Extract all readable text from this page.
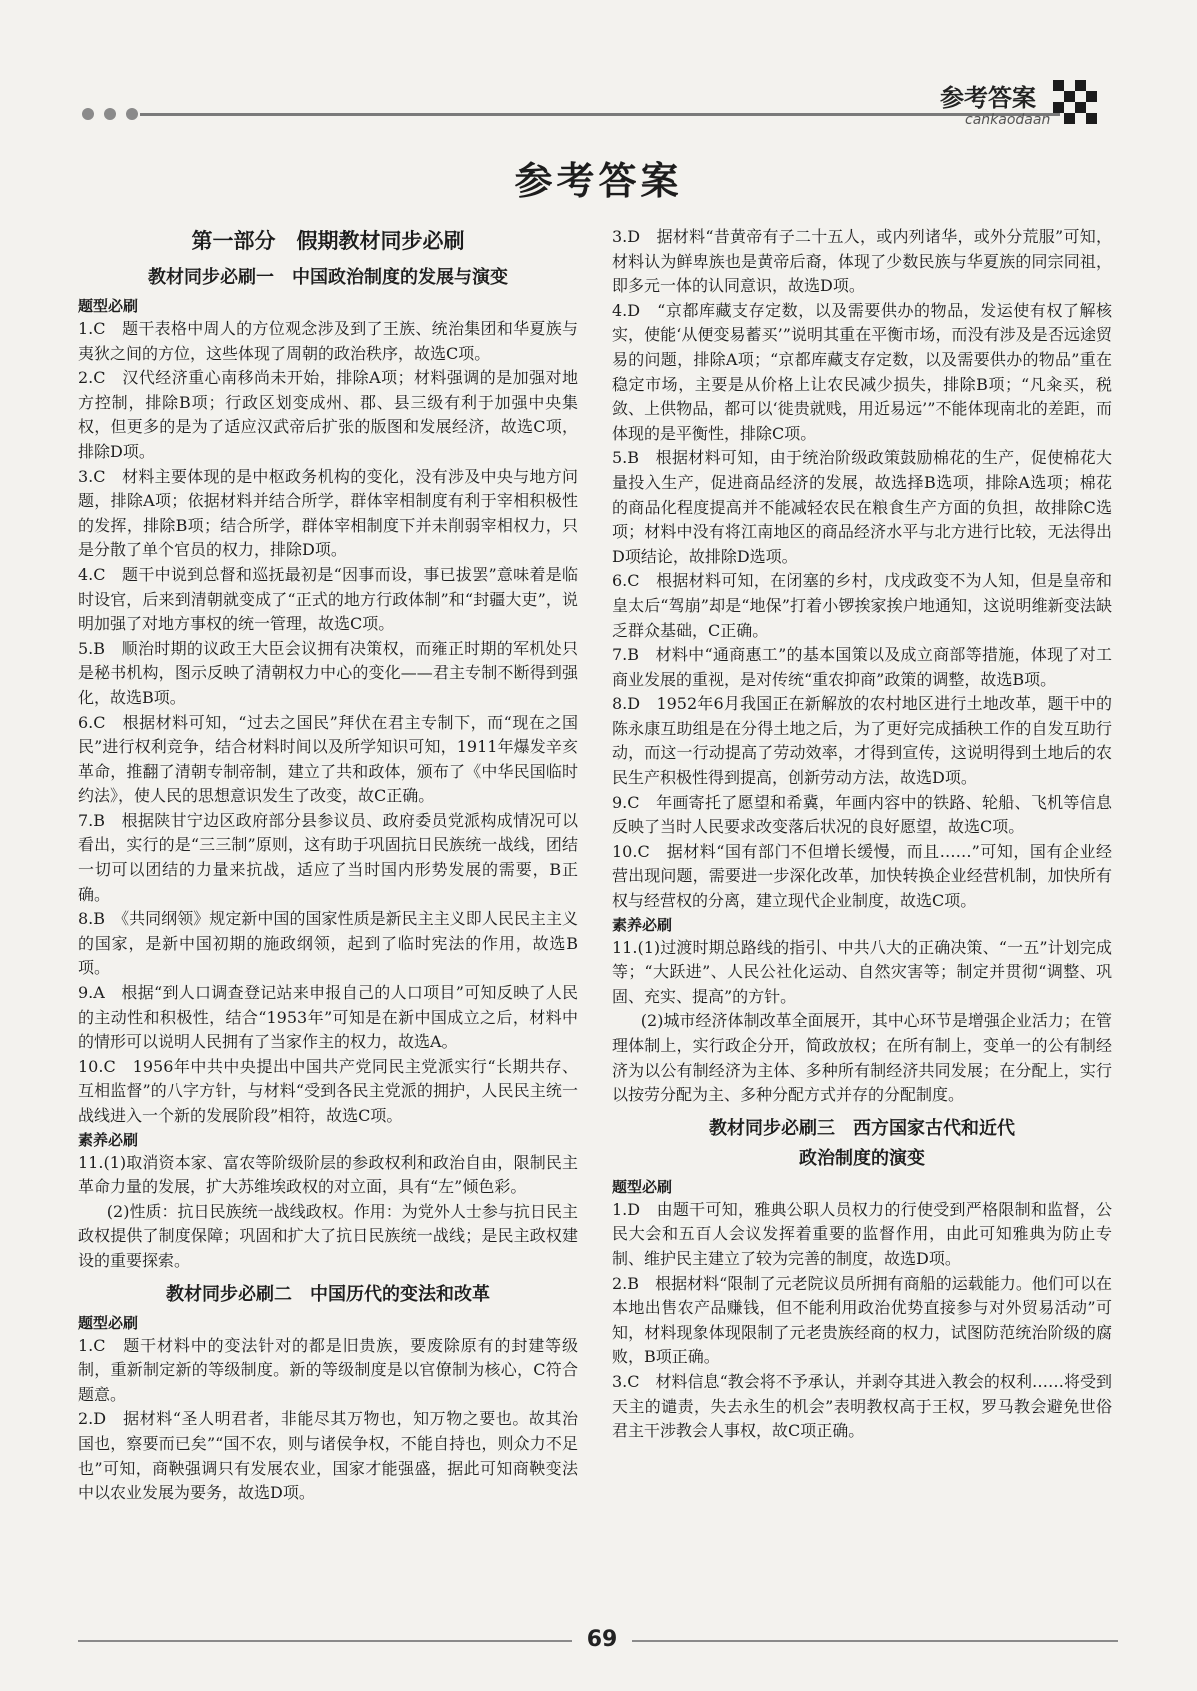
参考答案
cankaodaan
参考答案
第一部分　假期教材同步必刷
教材同步必刷一　中国政治制度的发展与演变
题型必刷

1.C　题干表格中周人的方位观念涉及到了王族、统治集团和华夏族与夷狄之间的方位，这些体现了周朝的政治秩序，故选C项。

2.C　汉代经济重心南移尚未开始，排除A项；材料强调的是加强对地方控制，排除B项；行政区划变成州、郡、县三级有利于加强中央集权，但更多的是为了适应汉武帝后扩张的版图和发展经济，故选C项，排除D项。

3.C　材料主要体现的是中枢政务机构的变化，没有涉及中央与地方问题，排除A项；依据材料并结合所学，群体宰相制度有利于宰相积极性的发挥，排除B项；结合所学，群体宰相制度下并未削弱宰相权力，只是分散了单个官员的权力，排除D项。

4.C　题干中说到总督和巡抚最初是“因事而设，事已拔罢”意味着是临时设官，后来到清朝就变成了“正式的地方行政体制”和“封疆大吏”，说明加强了对地方事权的统一管理，故选C项。

5.B　顺治时期的议政王大臣会议拥有决策权，而雍正时期的军机处只是秘书机构，图示反映了清朝权力中心的变化——君主专制不断得到强化，故选B项。

6.C　根据材料可知，“过去之国民”拜伏在君主专制下，而“现在之国民”进行权利竞争，结合材料时间以及所学知识可知，1911年爆发辛亥革命，推翻了清朝专制帝制，建立了共和政体，颁布了《中华民国临时约法》，使人民的思想意识发生了改变，故C正确。

7.B　根据陕甘宁边区政府部分县参议员、政府委员党派构成情况可以看出，实行的是“三三制”原则，这有助于巩固抗日民族统一战线，团结一切可以团结的力量来抗战，适应了当时国内形势发展的需要，B正确。

8.B　《共同纲领》规定新中国的国家性质是新民主主义即人民民主主义的国家，是新中国初期的施政纲领，起到了临时宪法的作用，故选B项。

9.A　根据“到人口调查登记站来申报自己的人口项目”可知反映了人民的主动性和积极性，结合“1953年”可知是在新中国成立之后，材料中的情形可以说明人民拥有了当家作主的权力，故选A。

10.C　1956年中共中央提出中国共产党同民主党派实行“长期共存、互相监督”的八字方针，与材料“受到各民主党派的拥护，人民民主统一战线进入一个新的发展阶段”相符，故选C项。

素养必刷

11.(1)取消资本家、富农等阶级阶层的参政权利和政治自由，限制民主革命力量的发展，扩大苏维埃政权的对立面，具有“左”倾色彩。

(2)性质：抗日民族统一战线政权。作用：为党外人士参与抗日民主政权提供了制度保障；巩固和扩大了抗日民族统一战线；是民主政权建设的重要探索。

教材同步必刷二　中国历代的变法和改革
题型必刷

1.C　题干材料中的变法针对的都是旧贵族，要废除原有的封建等级制，重新制定新的等级制度。新的等级制度是以官僚制为核心，C符合题意。

2.D　据材料“圣人明君者，非能尽其万物也，知万物之要也。故其治国也，察要而已矣”“国不农，则与诸侯争权，不能自持也，则众力不足也”可知，商鞅强调只有发展农业，国家才能强盛，据此可知商鞅变法中以农业发展为要务，故选D项。

3.D　据材料“昔黄帝有子二十五人，或内列诸华，或外分荒服”可知，材料认为鲜卑族也是黄帝后裔，体现了少数民族与华夏族的同宗同祖，即多元一体的认同意识，故选D项。

4.D　“京都库藏支存定数，以及需要供办的物品，发运使有权了解核实，使能‘从便变易蓄买’”说明其重在平衡市场，而没有涉及是否远途贸易的问题，排除A项；“京都库藏支存定数，以及需要供办的物品”重在稳定市场，主要是从价格上让农民减少损失，排除B项；“凡籴买，税敛、上供物品，都可以‘徙贵就贱，用近易远’”不能体现南北的差距，而体现的是平衡性，排除C项。

5.B　根据材料可知，由于统治阶级政策鼓励棉花的生产，促使棉花大量投入生产，促进商品经济的发展，故选择B选项，排除A选项；棉花的商品化程度提高并不能减轻农民在粮食生产方面的负担，故排除C选项；材料中没有将江南地区的商品经济水平与北方进行比较，无法得出D项结论，故排除D选项。

6.C　根据材料可知，在闭塞的乡村，戊戌政变不为人知，但是皇帝和皇太后“驾崩”却是“地保”打着小锣挨家挨户地通知，这说明维新变法缺乏群众基础，C正确。

7.B　材料中“通商惠工”的基本国策以及成立商部等措施，体现了对工商业发展的重视，是对传统“重农抑商”政策的调整，故选B项。

8.D　1952年6月我国正在新解放的农村地区进行土地改革，题干中的陈永康互助组是在分得土地之后，为了更好完成插秧工作的自发互助行动，而这一行动提高了劳动效率，才得到宣传，这说明得到土地后的农民生产积极性得到提高，创新劳动方法，故选D项。

9.C　年画寄托了愿望和希冀，年画内容中的铁路、轮船、飞机等信息反映了当时人民要求改变落后状况的良好愿望，故选C项。

10.C　据材料“国有部门不但增长缓慢，而且……”可知，国有企业经营出现问题，需要进一步深化改革，加快转换企业经营机制，加快所有权与经营权的分离，建立现代企业制度，故选C项。

素养必刷

11.(1)过渡时期总路线的指引、中共八大的正确决策、“一五”计划完成等；“大跃进”、人民公社化运动、自然灾害等；制定并贯彻“调整、巩固、充实、提高”的方针。

(2)城市经济体制改革全面展开，其中心环节是增强企业活力；在管理体制上，实行政企分开，简政放权；在所有制上，变单一的公有制经济为以公有制经济为主体、多种所有制经济共同发展；在分配上，实行以按劳分配为主、多种分配方式并存的分配制度。

教材同步必刷三　西方国家古代和近代
政治制度的演变
题型必刷

1.D　由题干可知，雅典公职人员权力的行使受到严格限制和监督，公民大会和五百人会议发挥着重要的监督作用，由此可知雅典为防止专制、维护民主建立了较为完善的制度，故选D项。

2.B　根据材料“限制了元老院议员所拥有商船的运载能力。他们可以在本地出售农产品赚钱，但不能利用政治优势直接参与对外贸易活动”可知，材料现象体现限制了元老贵族经商的权力，试图防范统治阶级的腐败，B项正确。

3.C　材料信息“教会将不予承认，并剥夺其进入教会的权利……将受到天主的谴责，失去永生的机会”表明教权高于王权，罗马教会避免世俗君主干涉教会人事权，故C项正确。

69
